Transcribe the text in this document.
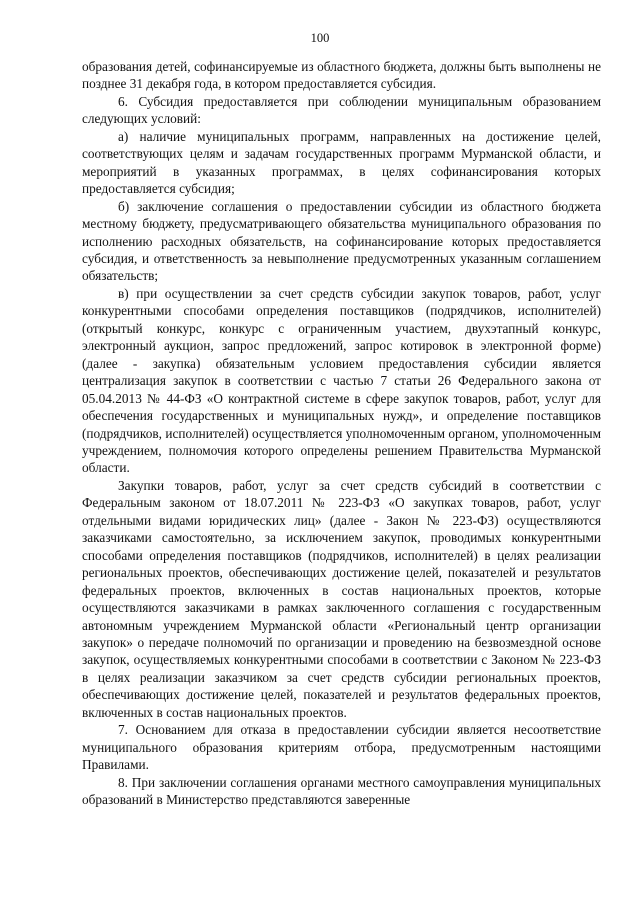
100

образования детей, софинансируемые из областного бюджета, должны быть выполнены не позднее 31 декабря года, в котором предоставляется субсидия.

6. Субсидия предоставляется при соблюдении муниципальным образованием следующих условий:

а) наличие муниципальных программ, направленных на достижение целей, соответствующих целям и задачам государственных программ Мурманской области, и мероприятий в указанных программах, в целях софинансирования которых предоставляется субсидия;

б) заключение соглашения о предоставлении субсидии из областного бюджета местному бюджету, предусматривающего обязательства муниципального образования по исполнению расходных обязательств, на софинансирование которых предоставляется субсидия, и ответственность за невыполнение предусмотренных указанным соглашением обязательств;

в) при осуществлении за счет средств субсидии закупок товаров, работ, услуг конкурентными способами определения поставщиков (подрядчиков, исполнителей) (открытый конкурс, конкурс с ограниченным участием, двухэтапный конкурс, электронный аукцион, запрос предложений, запрос котировок в электронной форме) (далее - закупка) обязательным условием предоставления субсидии является централизация закупок в соответствии с частью 7 статьи 26 Федерального закона от 05.04.2013 № 44-ФЗ «О контрактной системе в сфере закупок товаров, работ, услуг для обеспечения государственных и муниципальных нужд», и определение поставщиков (подрядчиков, исполнителей) осуществляется уполномоченным органом, уполномоченным учреждением, полномочия которого определены решением Правительства Мурманской области.

Закупки товаров, работ, услуг за счет средств субсидий в соответствии с Федеральным законом от 18.07.2011 № 223-ФЗ «О закупках товаров, работ, услуг отдельными видами юридических лиц» (далее - Закон № 223-ФЗ) осуществляются заказчиками самостоятельно, за исключением закупок, проводимых конкурентными способами определения поставщиков (подрядчиков, исполнителей) в целях реализации региональных проектов, обеспечивающих достижение целей, показателей и результатов федеральных проектов, включенных в состав национальных проектов, которые осуществляются заказчиками в рамках заключенного соглашения с государственным автономным учреждением Мурманской области «Региональный центр организации закупок» о передаче полномочий по организации и проведению на безвозмездной основе закупок, осуществляемых конкурентными способами в соответствии с Законом № 223-ФЗ в целях реализации заказчиком за счет средств субсидии региональных проектов, обеспечивающих достижение целей, показателей и результатов федеральных проектов, включенных в состав национальных проектов.

7. Основанием для отказа в предоставлении субсидии является несоответствие муниципального образования критериям отбора, предусмотренным настоящими Правилами.

8. При заключении соглашения органами местного самоуправления муниципальных образований в Министерство представляются заверенные
